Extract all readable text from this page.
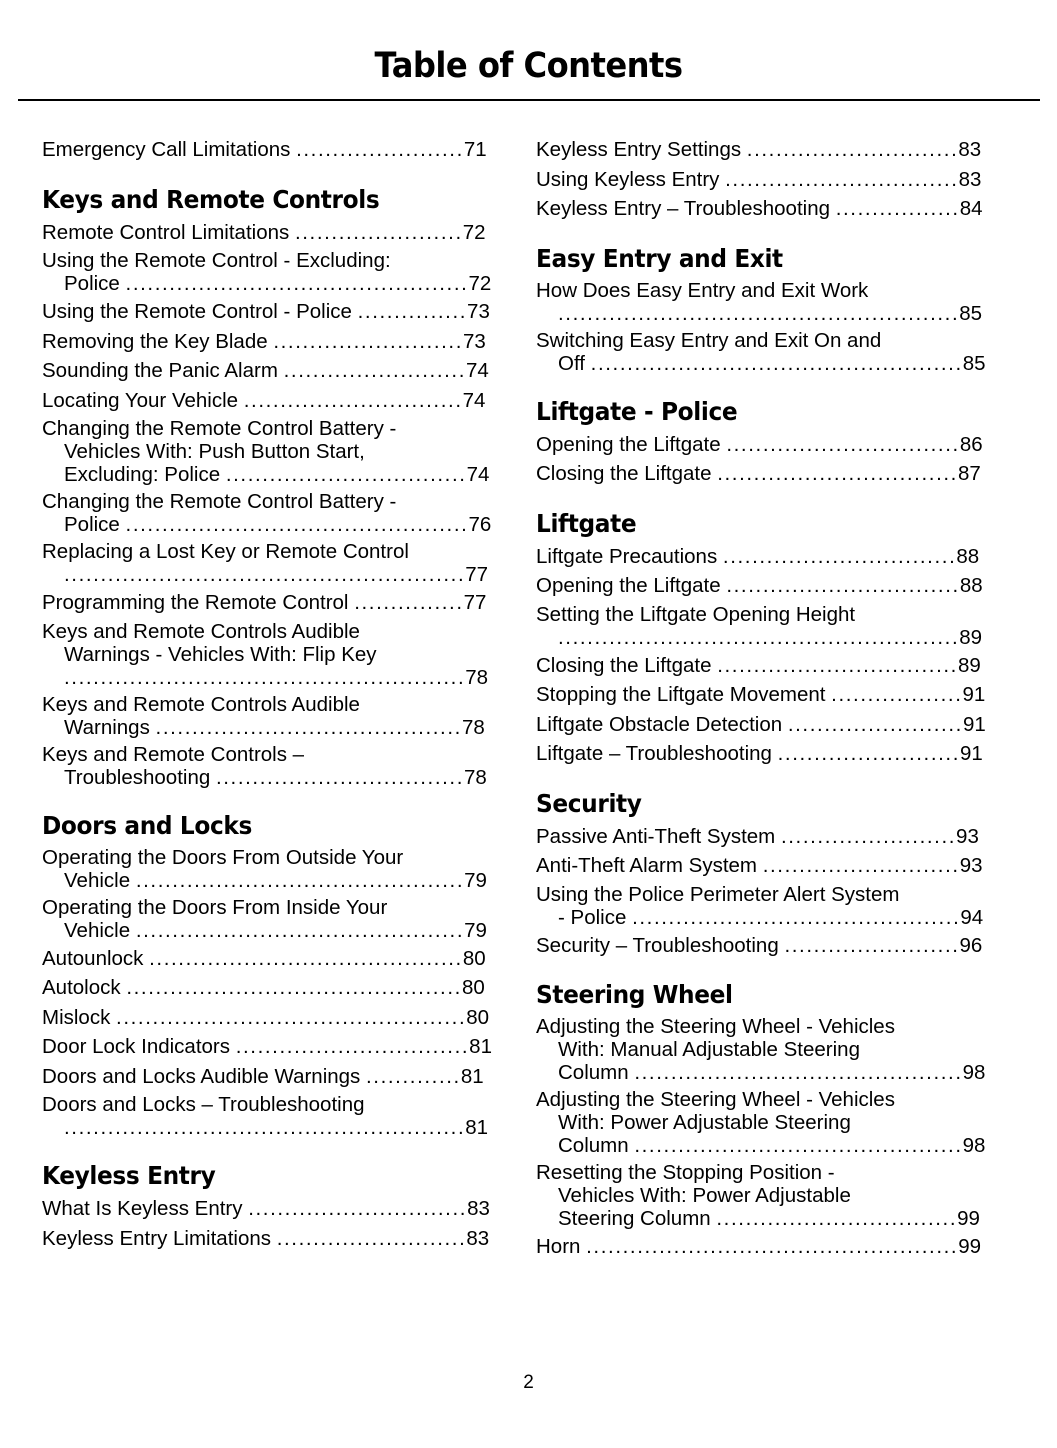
Table of Contents
Emergency Call Limitations .......................71
Keys and Remote Controls
Remote Control Limitations .......................72
Using the Remote Control - Excluding:
Police ...............................................72
Using the Remote Control - Police ...............73
Removing the Key Blade ..........................73
Sounding the Panic Alarm .........................74
Locating Your Vehicle ..............................74
Changing the Remote Control Battery -
Vehicles With: Push Button Start,
Excluding: Police .................................74
Changing the Remote Control Battery -
Police ...............................................76
Replacing a Lost Key or Remote Control
.......................................................77
Programming the Remote Control ...............77
Keys and Remote Controls Audible
Warnings - Vehicles With: Flip Key
.......................................................78
Keys and Remote Controls Audible
Warnings ..........................................78
Keys and Remote Controls –
Troubleshooting ..................................78
Doors and Locks
Operating the Doors From Outside Your
Vehicle .............................................79
Operating the Doors From Inside Your
Vehicle .............................................79
Autounlock ...........................................80
Autolock ..............................................80
Mislock ................................................80
Door Lock Indicators ................................81
Doors and Locks Audible Warnings .............81
Doors and Locks – Troubleshooting
.......................................................81
Keyless Entry
What Is Keyless Entry ..............................83
Keyless Entry Limitations ..........................83
Keyless Entry Settings .............................83
Using Keyless Entry ................................83
Keyless Entry – Troubleshooting .................84
Easy Entry and Exit
How Does Easy Entry and Exit Work
.......................................................85
Switching Easy Entry and Exit On and
Off ...................................................85
Liftgate - Police
Opening the Liftgate ................................86
Closing the Liftgate .................................87
Liftgate
Liftgate Precautions ................................88
Opening the Liftgate ................................88
Setting the Liftgate Opening Height
.......................................................89
Closing the Liftgate .................................89
Stopping the Liftgate Movement ..................91
Liftgate Obstacle Detection ........................91
Liftgate – Troubleshooting .........................91
Security
Passive Anti-Theft System ........................93
Anti-Theft Alarm System ...........................93
Using the Police Perimeter Alert System
- Police .............................................94
Security – Troubleshooting ........................96
Steering Wheel
Adjusting the Steering Wheel - Vehicles
With: Manual Adjustable Steering
Column .............................................98
Adjusting the Steering Wheel - Vehicles
With: Power Adjustable Steering
Column .............................................98
Resetting the Stopping Position -
Vehicles With: Power Adjustable
Steering Column .................................99
Horn ...................................................99
2
